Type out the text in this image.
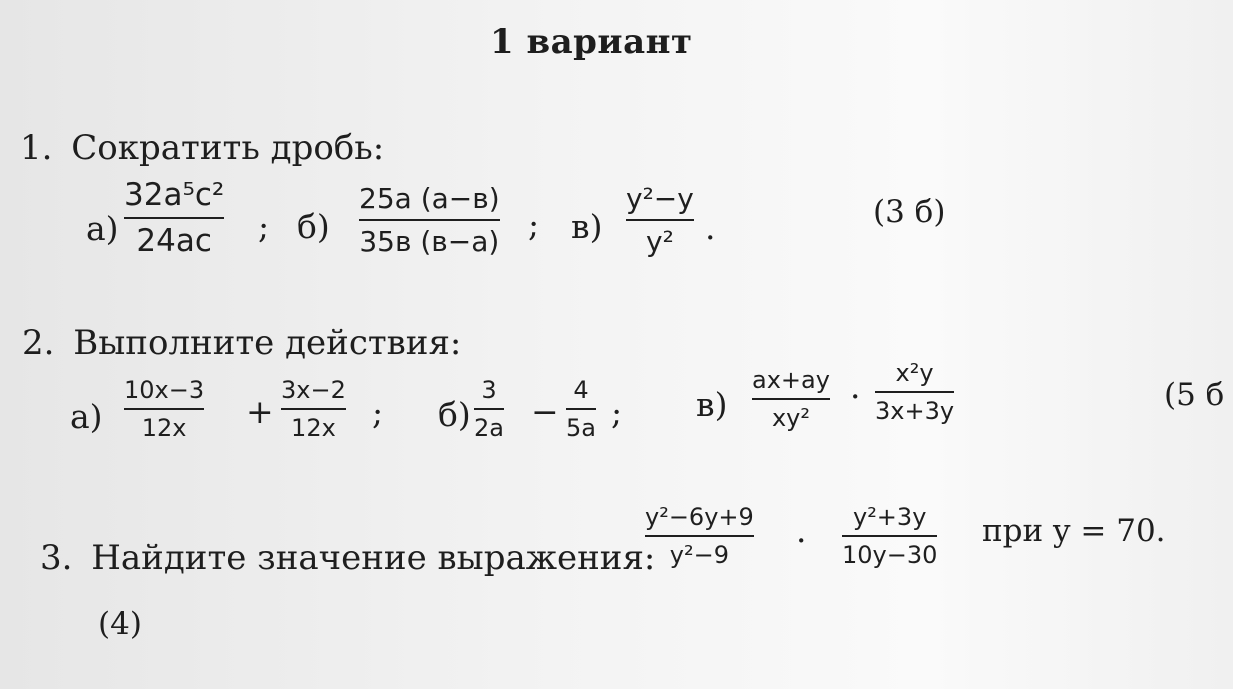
1 вариант
1. Сократить дробь:
а)
32a⁵c²
24ac	; б)
25a (a−в)
35в (в−a) ; в)
y²−y
y² .	(3 б)
2. Выполните действия:
а)
10x−3
12x	+
3x−2
12x	; б)
3
2a −
4
5a ; в)
ax+ay
xy²
·
x²y
3x+3y	(5 б
3. Найдите значение выражения:
y²−6y+9
y²−9	·
y²+3y
10y−30
при y = 70.
(4)
